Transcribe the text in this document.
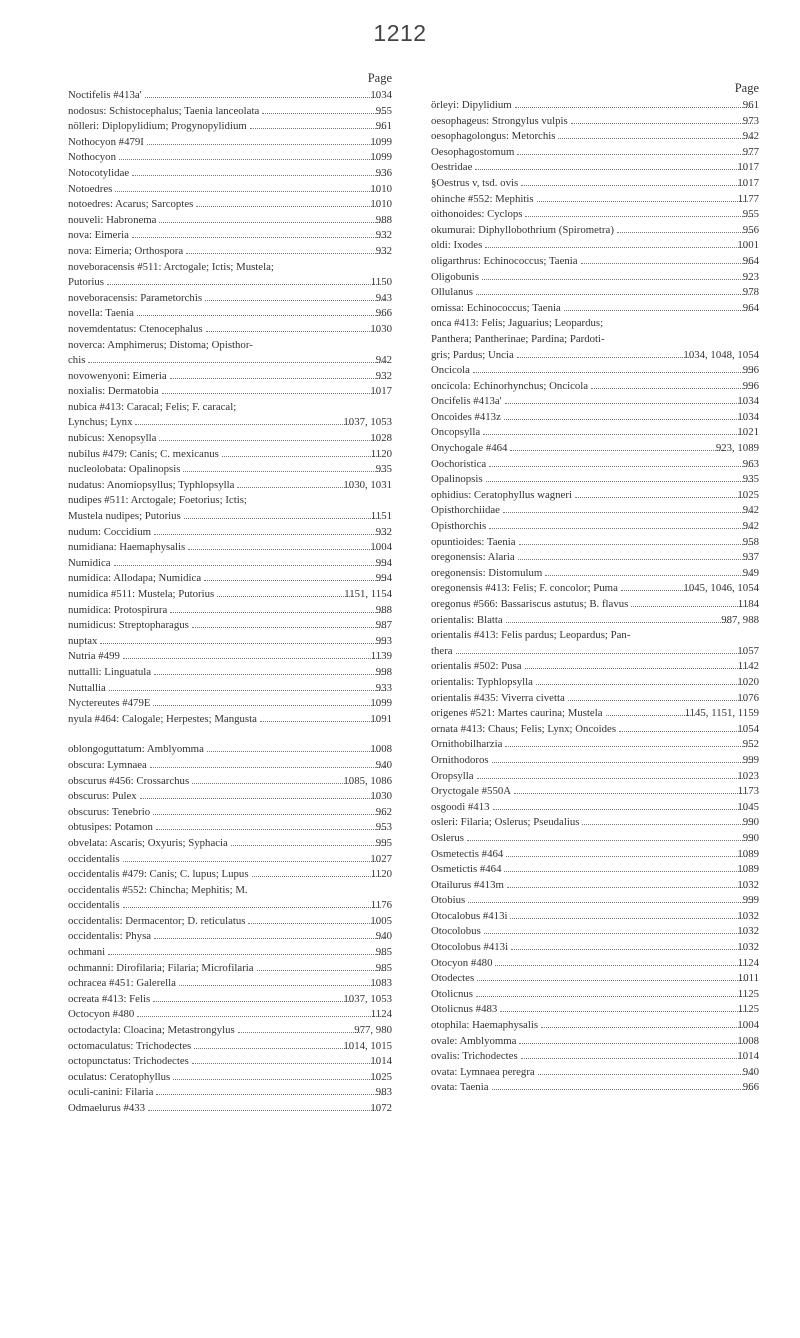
1212
Page
Noctifelis #413a'	1034
nodosus: Schistocephalus; Taenia lanceolata	955
nölleri: Diplopylidium; Progynopylidium	961
Nothocyon #479I	1099
Nothocyon	1099
Notocotylidae	936
Notoedres	1010
notoedres: Acarus; Sarcoptes	1010
nouveli: Habronema	988
nova: Eimeria	932
nova: Eimeria; Orthospora	932
noveboracensis #511: Arctogale; Ictis; Mustela;
Putorius	1150
noveboracensis: Parametorchis	943
novella: Taenia	966
novemdentatus: Ctenocephalus	1030
noverca: Amphimerus; Distoma; Opisthor-
chis	942
novowenyoni: Eimeria	932
noxialis: Dermatobia	1017
nubica #413: Caracal; Felis; F. caracal;
Lynchus; Lynx	1037, 1053
nubicus: Xenopsylla	1028
nubilus #479: Canis; C. mexicanus	1120
nucleolobata: Opalinopsis	935
nudatus: Anomiopsyllus; Typhlopsylla	1030, 1031
nudipes #511: Arctogale; Foetorius; Ictis;
Mustela nudipes; Putorius	1151
nudum: Coccidium	932
numidiana: Haemaphysalis	1004
Numidica	994
numidica: Allodapa; Numidica	994
numidica #511: Mustela; Putorius	1151, 1154
numidica: Protospirura	988
numidicus: Streptopharagus	987
nuptax	993
Nutria #499	1139
nuttalli: Linguatula	998
Nuttallia	933
Nyctereutes #479E	1099
nyula #464: Calogale; Herpestes; Mangusta	1091
oblongoguttatum: Amblyomma	1008
obscura: Lymnaea	940
obscurus #456: Crossarchus	1085, 1086
obscurus: Pulex	1030
obscurus: Tenebrio	962
obtusipes: Potamon	953
obvelata: Ascaris; Oxyuris; Syphacia	995
occidentalis	1027
occidentalis #479: Canis; C. lupus; Lupus	1120
occidentalis #552: Chincha; Mephitis; M.
occidentalis	1176
occidentalis: Dermacentor; D. reticulatus	1005
occidentalis: Physa	940
ochmani	985
ochmanni: Dirofilaria; Filaria; Microfilaria	985
ochracea #451: Galerella	1083
ocreata #413: Felis	1037, 1053
Octocyon #480	1124
octodactyla: Cloacina; Metastrongylus	977, 980
octomaculatus: Trichodectes	1014, 1015
octopunctatus: Trichodectes	1014
oculatus: Ceratophyllus	1025
oculi-canini: Filaria	983
Odmaelurus #433	1072
Page
örleyi: Dipylidium	961
oesophageus: Strongylus vulpis	973
oesophagolongus: Metorchis	942
Oesophagostomum	977
Oestridae	1017
§Oestrus v, tsd. ovis	1017
ohinche #552: Mephitis	1177
oithonoides: Cyclops	955
okumurai: Diphyllobothrium (Spirometra)	956
oldi: Ixodes	1001
oligarthrus: Echinococcus; Taenia	964
Oligobunis	923
Ollulanus	978
omissa: Echinococcus; Taenia	964
onca #413: Felis; Jaguarius; Leopardus;
Panthera; Pantherinae; Pardina; Pardoti-
gris; Pardus; Uncia	1034, 1048, 1054
Oncicola	996
oncicola: Echinorhynchus; Oncicola	996
Oncifelis #413a'	1034
Oncoides #413z	1034
Oncopsylla	1021
Onychogale #464	923, 1089
Oochoristica	963
Opalinopsis	935
ophidius: Ceratophyllus wagneri	1025
Opisthorchiidae	942
Opisthorchis	942
opuntioides: Taenia	958
oregonensis: Alaria	937
oregonensis: Distomulum	949
oregonensis #413: Felis; F. concolor; Puma	1045, 1046, 1054
oregonus #566: Bassariscus astutus; B. flavus	1184
orientalis: Blatta	987, 988
orientalis #413: Felis pardus; Leopardus; Pan-
thera	1057
orientalis #502: Pusa	1142
orientalis: Typhlopsylla	1020
orientalis #435: Viverra civetta	1076
origenes #521: Martes caurina; Mustela	1145, 1151, 1159
ornata #413: Chaus; Felis; Lynx; Oncoides	1054
Ornithobilharzia	952
Ornithodoros	999
Oropsylla	1023
Oryctogale #550A	1173
osgoodi #413	1045
osleri: Filaria; Oslerus; Pseudalius	990
Oslerus	990
Osmetectis #464	1089
Osmetictis #464	1089
Otailurus #413m	1032
Otobius	999
Otocalobus #413i	1032
Otocolobus	1032
Otocolobus #413i	1032
Otocyon #480	1124
Otodectes	1011
Otolicnus	1125
Otolicnus #483	1125
otophila: Haemaphysalis	1004
ovale: Amblyomma	1008
ovalis: Trichodectes	1014
ovata: Lymnaea peregra	940
ovata: Taenia	966
